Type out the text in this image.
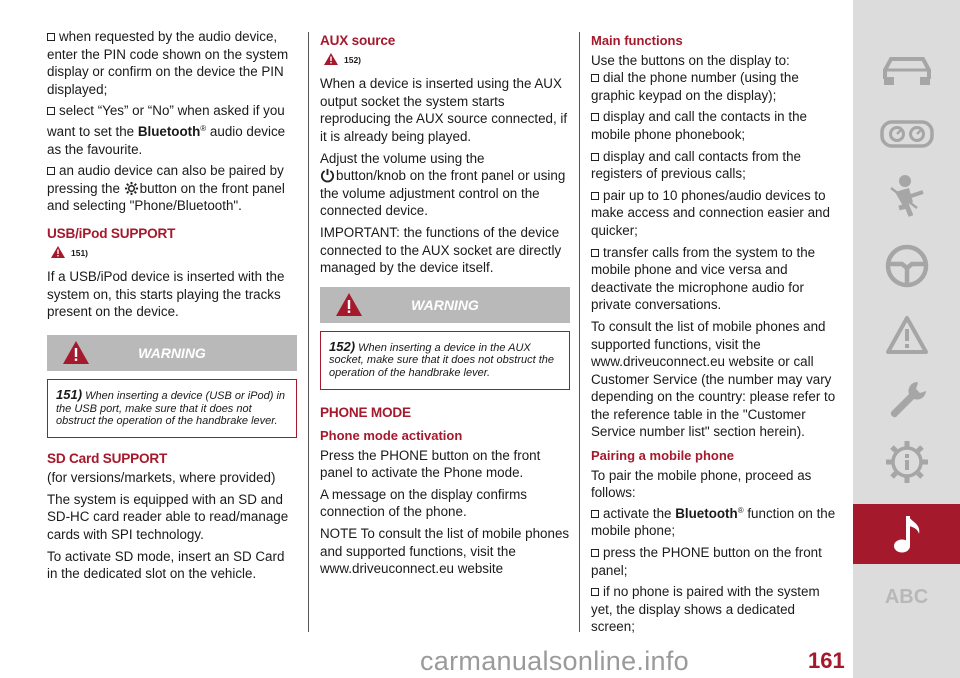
when requested by the audio device, enter the PIN code shown on the system display or confirm on the device the PIN displayed;

select “Yes” or “No” when asked if you want to set the Bluetooth® audio device as the favourite.

an audio device can also be paired by pressing the button on the front panel and selecting "Phone/Bluetooth".

USB/iPod SUPPORT
151)

If a USB/iPod device is inserted with the system on, this starts playing the tracks present on the device.

WARNING
151) When inserting a device (USB or iPod) in the USB port, make sure that it does not obstruct the operation of the handbrake lever.
SD Card SUPPORT

(for versions/markets, where provided)

The system is equipped with an SD and SD-HC card reader able to read/manage cards with SPI technology.

To activate SD mode, insert an SD Card in the dedicated slot on the vehicle.

AUX source
152)

When a device is inserted using the AUX output socket the system starts reproducing the AUX source connected, if it is already being played.

Adjust the volume using the
button/knob on the front panel or using the volume adjustment control on the connected device.

IMPORTANT: the functions of the device connected to the AUX socket are directly managed by the device itself.

WARNING
152) When inserting a device in the AUX socket, make sure that it does not obstruct the operation of the handbrake lever.
PHONE MODE
Phone mode activation

Press the PHONE button on the front panel to activate the Phone mode.

A message on the display confirms connection of the phone.

NOTE To consult the list of mobile phones and supported functions, visit the www.driveuconnect.eu website

Main functions

Use the buttons on the display to:

dial the phone number (using the graphic keypad on the display);

display and call the contacts in the mobile phone phonebook;

display and call contacts from the registers of previous calls;

pair up to 10 phones/audio devices to make access and connection easier and quicker;

transfer calls from the system to the mobile phone and vice versa and deactivate the microphone audio for private conversations.

To consult the list of mobile phones and supported functions, visit the www.driveuconnect.eu website or call Customer Service (the number may vary depending on the country: please refer to the reference table in the "Customer Service number list" section herein).

Pairing a mobile phone

To pair the mobile phone, proceed as follows:

activate the Bluetooth® function on the mobile phone;

press the PHONE button on the front panel;

if no phone is paired with the system yet, the display shows a dedicated screen;

ABC
carmanualsonline.info	161
